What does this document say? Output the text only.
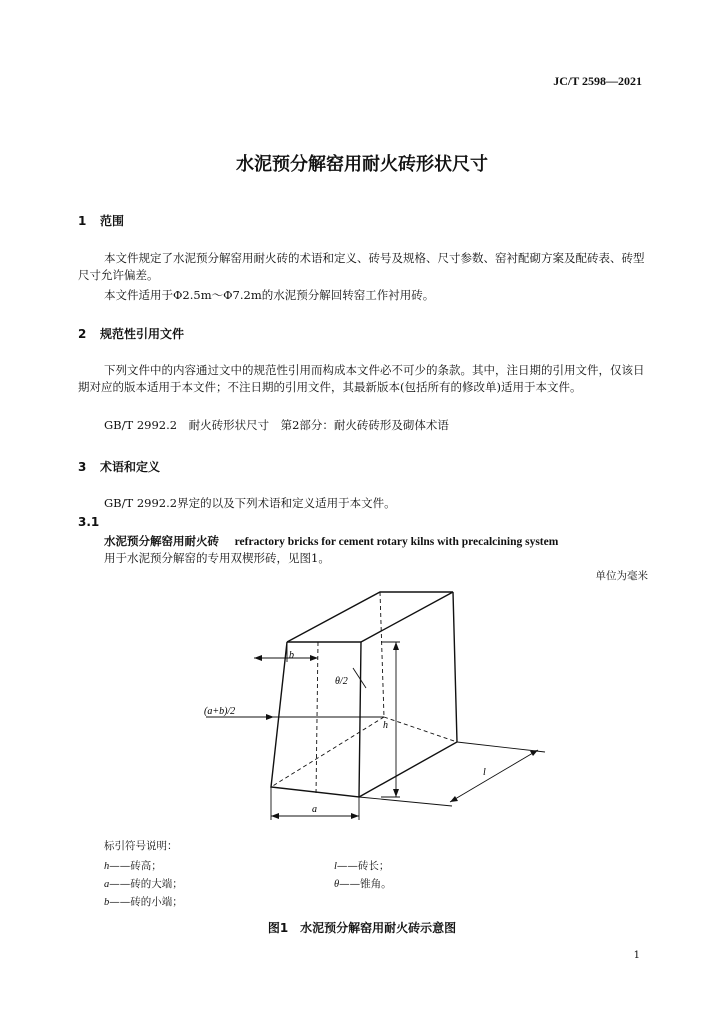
JC/T 2598—2021
水泥预分解窑用耐火砖形状尺寸
1 范围
本文件规定了水泥预分解窑用耐火砖的术语和定义、砖号及规格、尺寸参数、窑衬配砌方案及配砖表、砖型尺寸允许偏差。
本文件适用于Φ2.5m～Φ7.2m的水泥预分解回转窑工作衬用砖。
2 规范性引用文件
下列文件中的内容通过文中的规范性引用而构成本文件必不可少的条款。其中，注日期的引用文件，仅该日期对应的版本适用于本文件；不注日期的引用文件，其最新版本(包括所有的修改单)适用于本文件。
GB/T 2992.2　耐火砖形状尺寸　第2部分：耐火砖砖形及砌体术语
3 术语和定义
GB/T 2992.2界定的以及下列术语和定义适用于本文件。
3.1
水泥预分解窑用耐火砖 refractory bricks for cement rotary kilns with precalcining system
用于水泥预分解窑的专用双楔形砖，见图1。
单位为毫米
b
θ/2
(a+b)/2
h
l
a
标引符号说明：
h——砖高；	l——砖长；
a——砖的大端；	θ——锥角。
b——砖的小端；
图1　水泥预分解窑用耐火砖示意图
1
